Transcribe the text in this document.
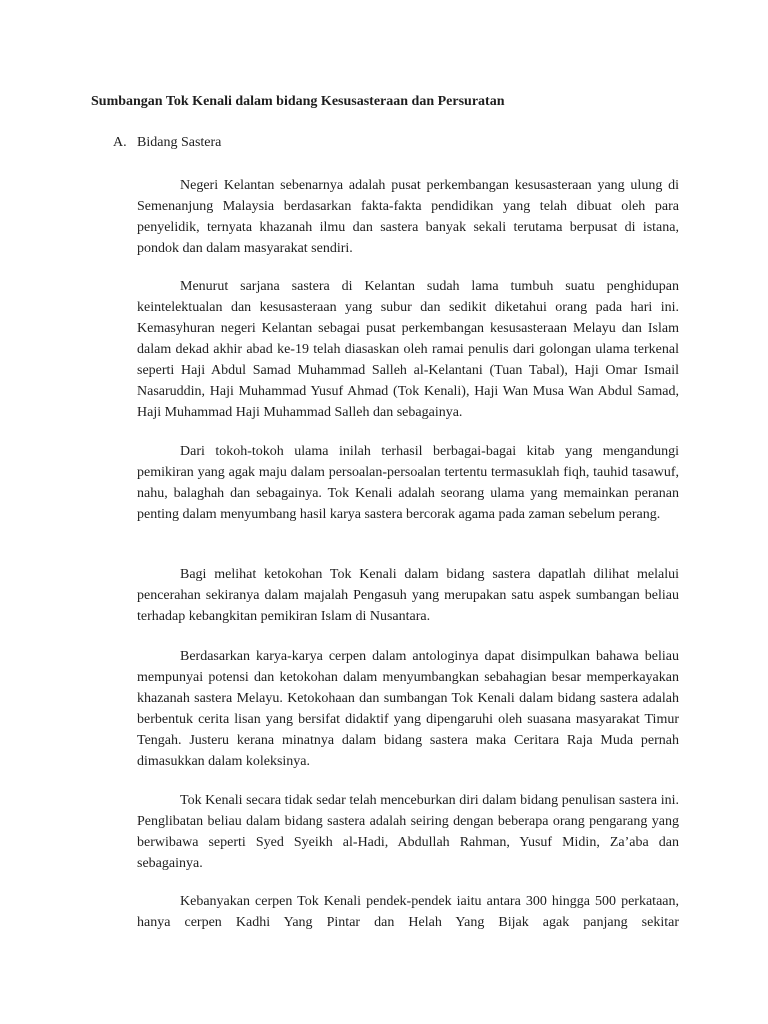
Sumbangan Tok Kenali dalam bidang Kesusasteraan dan Persuratan

A. Bidang Sastera

Negeri Kelantan sebenarnya adalah pusat perkembangan kesusasteraan yang ulung di Semenanjung Malaysia berdasarkan fakta-fakta pendidikan yang telah dibuat oleh para penyelidik, ternyata khazanah ilmu dan sastera banyak sekali terutama berpusat di istana, pondok dan dalam masyarakat sendiri.

Menurut sarjana sastera di Kelantan sudah lama tumbuh suatu penghidupan keintelektualan dan kesusasteraan yang subur dan sedikit diketahui orang pada hari ini. Kemasyhuran negeri Kelantan sebagai pusat perkembangan kesusasteraan Melayu dan Islam dalam dekad akhir abad ke-19 telah diasaskan oleh ramai penulis dari golongan ulama terkenal seperti Haji Abdul Samad Muhammad Salleh al-Kelantani (Tuan Tabal), Haji Omar Ismail Nasaruddin, Haji Muhammad Yusuf Ahmad (Tok Kenali), Haji Wan Musa Wan Abdul Samad, Haji Muhammad Haji Muhammad Salleh dan sebagainya.

Dari tokoh-tokoh ulama inilah terhasil berbagai-bagai kitab yang mengandungi pemikiran yang agak maju dalam persoalan-persoalan tertentu termasuklah fiqh, tauhid tasawuf, nahu, balaghah dan sebagainya. Tok Kenali adalah seorang ulama yang memainkan peranan penting dalam menyumbang hasil karya sastera bercorak agama pada zaman sebelum perang.

Bagi melihat ketokohan Tok Kenali dalam bidang sastera dapatlah dilihat melalui pencerahan sekiranya dalam majalah Pengasuh yang merupakan satu aspek sumbangan beliau terhadap kebangkitan pemikiran Islam di Nusantara.

Berdasarkan karya-karya cerpen dalam antologinya dapat disimpulkan bahawa beliau mempunyai potensi dan ketokohan dalam menyumbangkan sebahagian besar memperkayakan khazanah sastera Melayu. Ketokohaan dan sumbangan Tok Kenali dalam bidang sastera adalah berbentuk cerita lisan yang bersifat didaktif yang dipengaruhi oleh suasana masyarakat Timur Tengah. Justeru kerana minatnya dalam bidang sastera maka Ceritara Raja Muda pernah dimasukkan dalam koleksinya.

Tok Kenali secara tidak sedar telah menceburkan diri dalam bidang penulisan sastera ini. Penglibatan beliau dalam bidang sastera adalah seiring dengan beberapa orang pengarang yang berwibawa seperti Syed Syeikh al-Hadi, Abdullah Rahman, Yusuf Midin, Za’aba dan sebagainya.

Kebanyakan cerpen Tok Kenali pendek-pendek iaitu antara 300 hingga 500 perkataan, hanya cerpen Kadhi Yang Pintar dan Helah Yang Bijak agak panjang sekitar
